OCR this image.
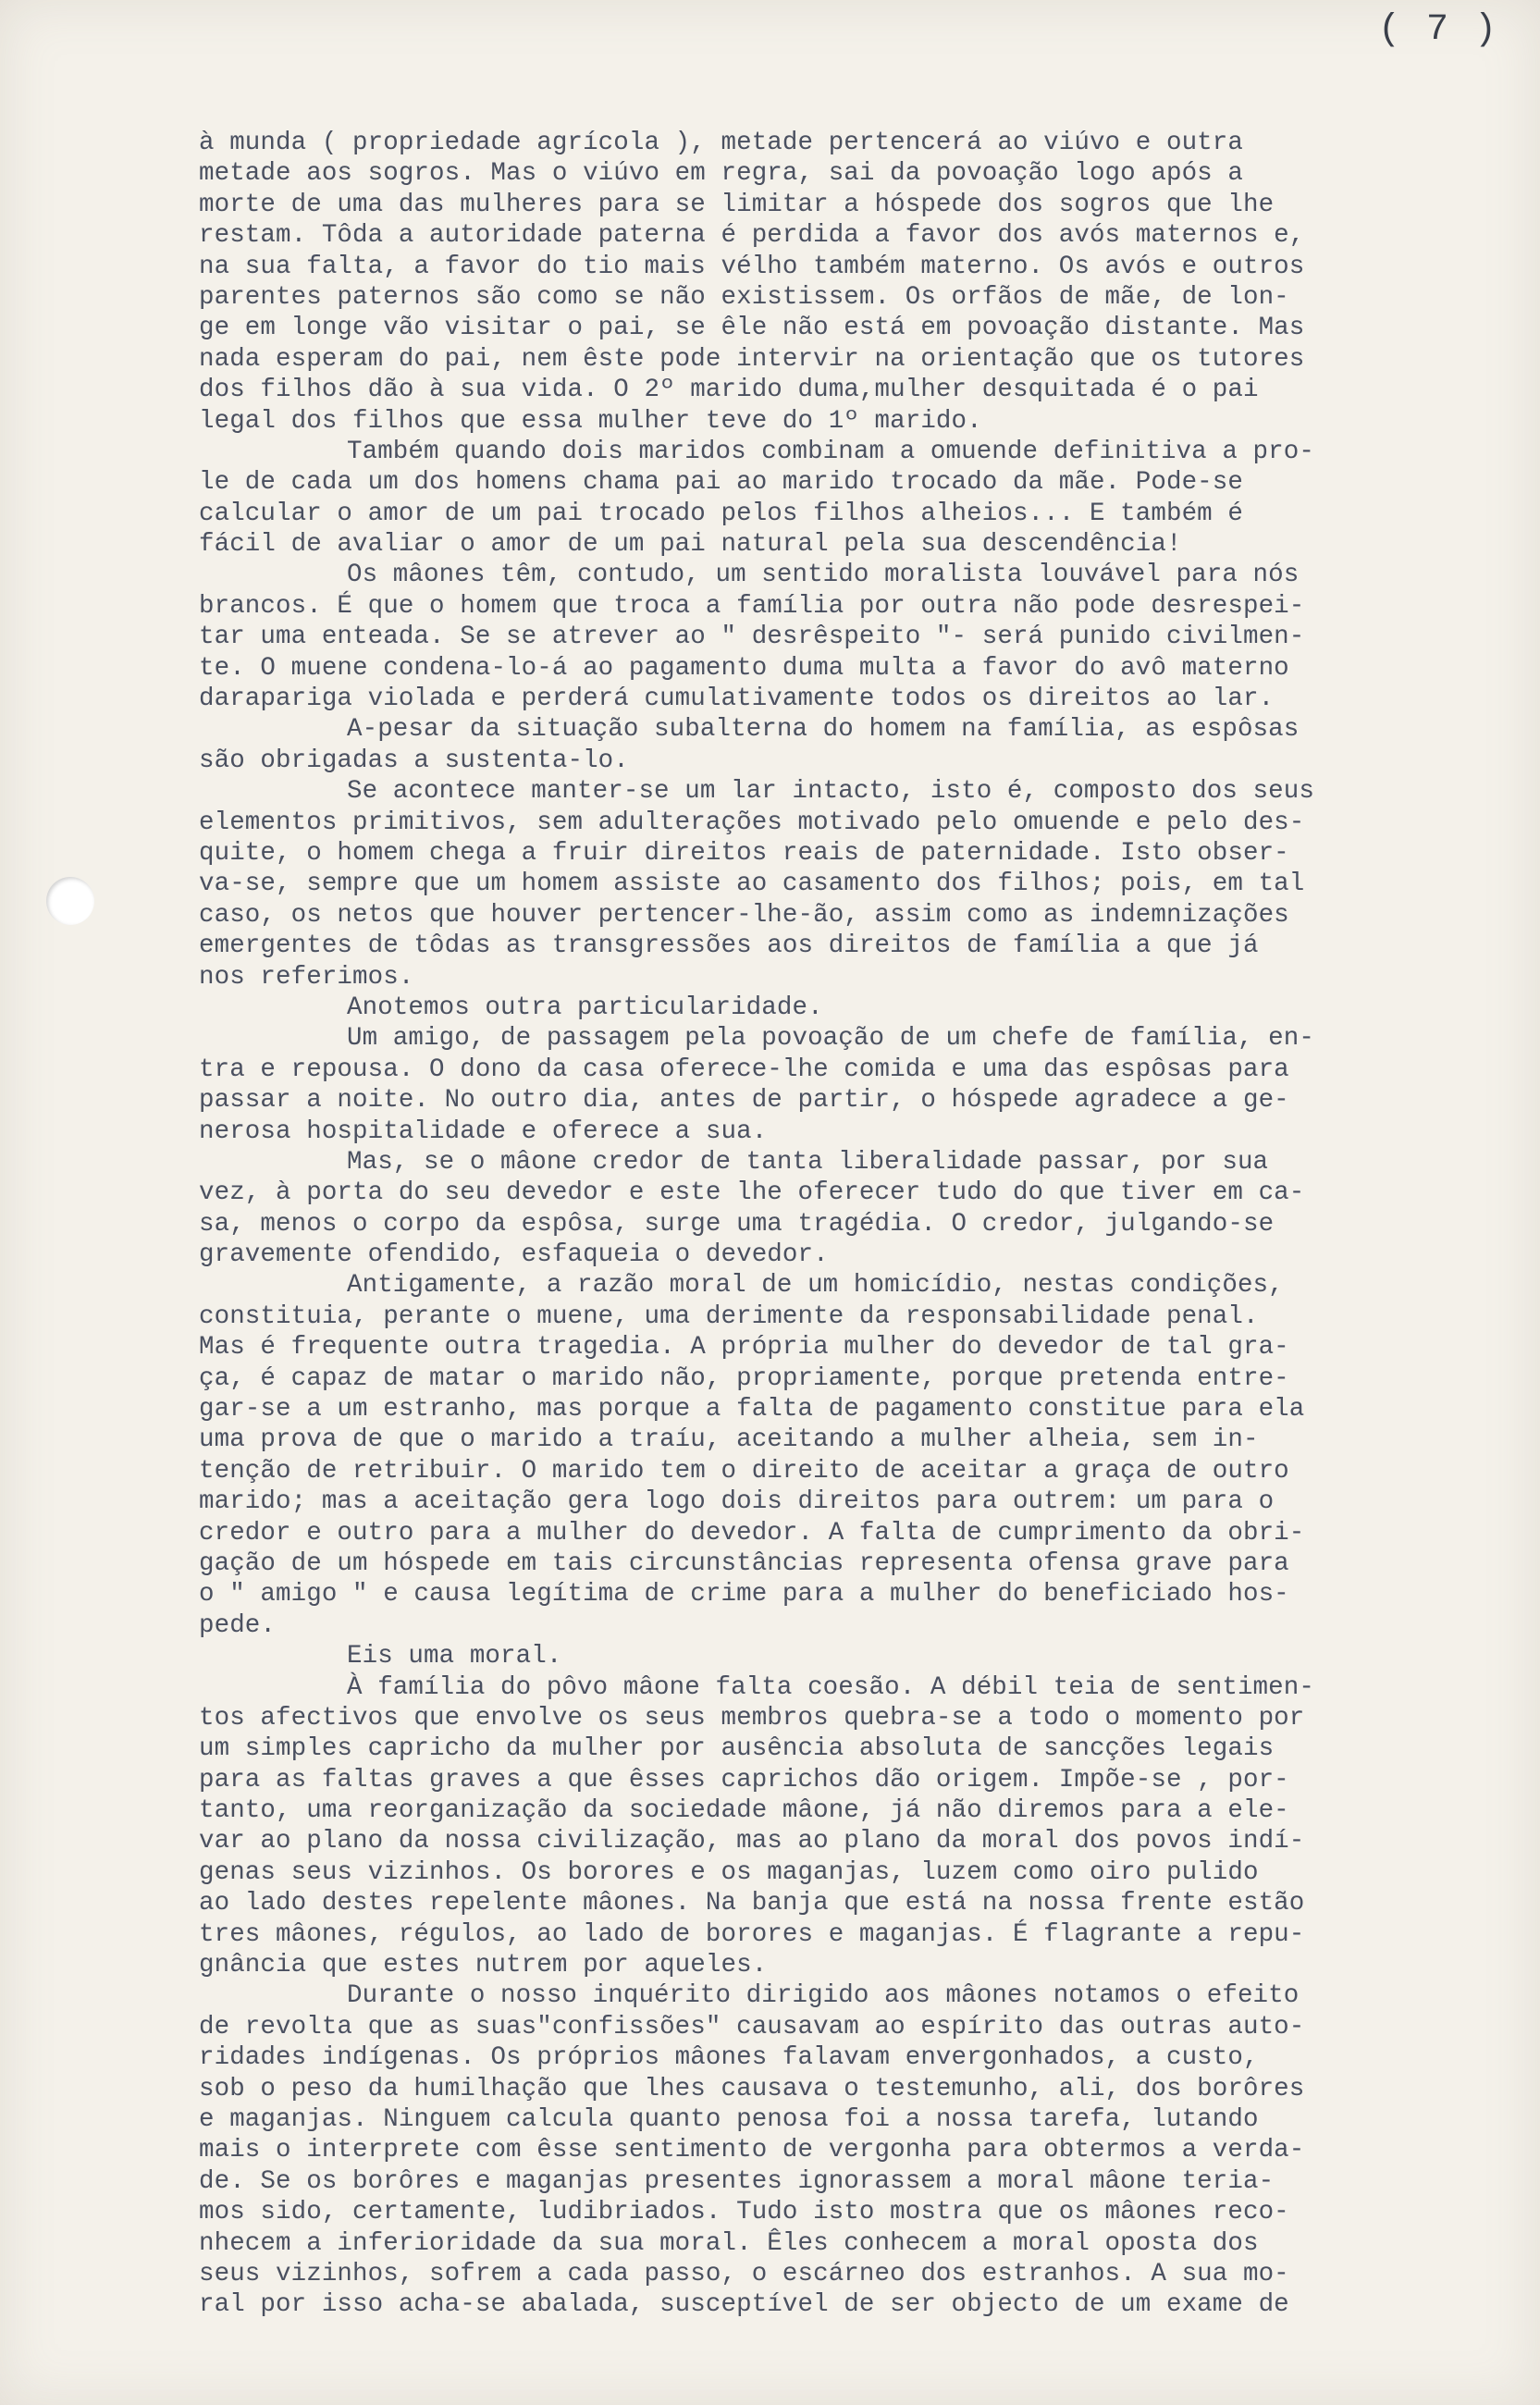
( 7 )
à munda ( propriedade agrícola ), metade pertencerá ao viúvo e outra
metade aos sogros. Mas o viúvo em regra, sai da povoação logo após a
morte de uma das mulheres para se limitar a hóspede dos sogros que lhe
restam. Tôda a autoridade paterna é perdida a favor dos avós maternos e,
na sua falta, a favor do tio mais vélho também materno. Os avós e outros
parentes paternos são como se não existissem. Os orfãos de mãe, de lon-
ge em longe vão visitar o pai, se êle não está em povoação distante. Mas
nada esperam do pai, nem êste pode intervir na orientação que os tutores
dos filhos dão à sua vida. O 2º marido duma,mulher desquitada é o pai
legal dos filhos que essa mulher teve do 1º marido.
Também quando dois maridos combinam a omuende definitiva a pro-
le de cada um dos homens chama pai ao marido trocado da mãe. Pode-se
calcular o amor de um pai trocado pelos filhos alheios... E também é
fácil de avaliar o amor de um pai natural pela sua descendência!
Os mâones têm, contudo, um sentido moralista louvável para nós
brancos. É que o homem que troca a família por outra não pode desrespei-
tar uma enteada. Se se atrever ao " desrêspeito "- será punido civilmen-
te. O muene condena-lo-á ao pagamento duma multa a favor do avô materno
darapariga violada e perderá cumulativamente todos os direitos ao lar.
A-pesar da situação subalterna do homem na família, as espôsas
são obrigadas a sustenta-lo.
Se acontece manter-se um lar intacto, isto é, composto dos seus
elementos primitivos, sem adulterações motivado pelo omuende e pelo des-
quite, o homem chega a fruir direitos reais de paternidade. Isto obser-
va-se, sempre que um homem assiste ao casamento dos filhos; pois, em tal
caso, os netos que houver pertencer-lhe-ão, assim como as indemnizações
emergentes de tôdas as transgressões aos direitos de família a que já
nos referimos.
Anotemos outra particularidade.
Um amigo, de passagem pela povoação de um chefe de família, en-
tra e repousa. O dono da casa oferece-lhe comida e uma das espôsas para
passar a noite. No outro dia, antes de partir, o hóspede agradece a ge-
nerosa hospitalidade e oferece a sua.
Mas, se o mâone credor de tanta liberalidade passar, por sua
vez, à porta do seu devedor e este lhe oferecer tudo do que tiver em ca-
sa, menos o corpo da espôsa, surge uma tragédia. O credor, julgando-se
gravemente ofendido, esfaqueia o devedor.
Antigamente, a razão moral de um homicídio, nestas condições,
constituia, perante o muene, uma derimente da responsabilidade penal.
Mas é frequente outra tragedia. A própria mulher do devedor de tal gra-
ça, é capaz de matar o marido não, propriamente, porque pretenda entre-
gar-se a um estranho, mas porque a falta de pagamento constitue para ela
uma prova de que o marido a traíu, aceitando a mulher alheia, sem in-
tenção de retribuir. O marido tem o direito de aceitar a graça de outro
marido; mas a aceitação gera logo dois direitos para outrem: um para o
credor e outro para a mulher do devedor. A falta de cumprimento da obri-
gação de um hóspede em tais circunstâncias representa ofensa grave para
o " amigo " e causa legítima de crime para a mulher do beneficiado hos-
pede.
Eis uma moral.
À família do pôvo mâone falta coesão. A débil teia de sentimen-
tos afectivos que envolve os seus membros quebra-se a todo o momento por
um simples capricho da mulher por ausência absoluta de sancções legais
para as faltas graves a que êsses caprichos dão origem. Impõe-se , por-
tanto, uma reorganização da sociedade mâone, já não diremos para a ele-
var ao plano da nossa civilização, mas ao plano da moral dos povos indí-
genas seus vizinhos. Os borores e os maganjas, luzem como oiro pulido
ao lado destes repelente mâones. Na banja que está na nossa frente estão
tres mâones, régulos, ao lado de borores e maganjas. É flagrante a repu-
gnância que estes nutrem por aqueles.
Durante o nosso inquérito dirigido aos mâones notamos o efeito
de revolta que as suas"confissões" causavam ao espírito das outras auto-
ridades indígenas. Os próprios mâones falavam envergonhados, a custo,
sob o peso da humilhação que lhes causava o testemunho, ali, dos borôres
e maganjas. Ninguem calcula quanto penosa foi a nossa tarefa, lutando
mais o interprete com êsse sentimento de vergonha para obtermos a verda-
de. Se os borôres e maganjas presentes ignorassem a moral mâone teria-
mos sido, certamente, ludibriados. Tudo isto mostra que os mâones reco-
nhecem a inferioridade da sua moral. Êles conhecem a moral oposta dos
seus vizinhos, sofrem a cada passo, o escárneo dos estranhos. A sua mo-
ral por isso acha-se abalada, susceptível de ser objecto de um exame de
